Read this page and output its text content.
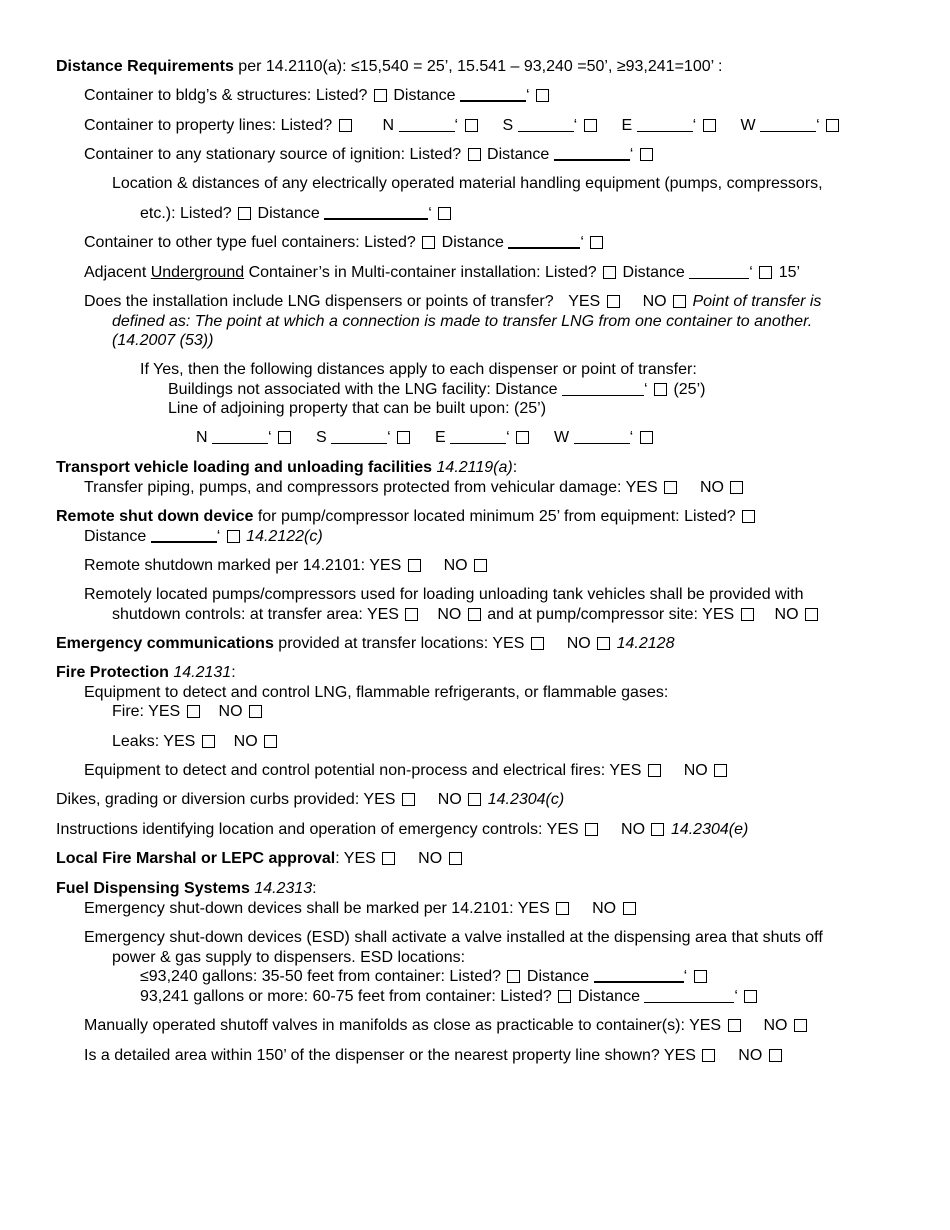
Distance Requirements per 14.2110(a): ≤15,540 = 25’, 15.541 – 93,240 =50’, ≥93,241=100’ :
Container to bldg’s & structures: Listed? Distance	‘
Container to property lines: Listed?	N	‘	S	‘	E	‘	W	‘
Container to any stationary source of ignition: Listed? Distance	‘
Location & distances of any electrically operated material handling equipment (pumps, compressors,
etc.): Listed? Distance	‘
Container to other type fuel containers: Listed? Distance	‘
Adjacent Underground Container’s in Multi-container installation: Listed? Distance	‘ 15’
Does the installation include LNG dispensers or points of transfer? YES	NO Point of transfer is
defined as: The point at which a connection is made to transfer LNG from one container to another.
(14.2007 (53))
If Yes, then the following distances apply to each dispenser or point of transfer:
Buildings not associated with the LNG facility: Distance	‘ (25’)
Line of adjoining property that can be built upon: (25’)
N	‘	S	‘	E	‘	W	‘
Transport vehicle loading and unloading facilities 14.2119(a):
Transfer piping, pumps, and compressors protected from vehicular damage: YES	NO
Remote shut down device for pump/compressor located minimum 25’ from equipment: Listed?
Distance	‘ 14.2122(c)
Remote shutdown marked per 14.2101: YES	NO
Remotely located pumps/compressors used for loading unloading tank vehicles shall be provided with
shutdown controls: at transfer area: YES NO and at pump/compressor site: YES	NO
Emergency communications provided at transfer locations: YES	NO 14.2128
Fire Protection 14.2131:
Equipment to detect and control LNG, flammable refrigerants, or flammable gases:
Fire: YES NO
Leaks: YES NO
Equipment to detect and control potential non-process and electrical fires: YES	NO
Dikes, grading or diversion curbs provided: YES	NO 14.2304(c)
Instructions identifying location and operation of emergency controls: YES	NO 14.2304(e)
Local Fire Marshal or LEPC approval: YES	NO
Fuel Dispensing Systems 14.2313:
Emergency shut-down devices shall be marked per 14.2101: YES	NO
Emergency shut-down devices (ESD) shall activate a valve installed at the dispensing area that shuts off
power & gas supply to dispensers. ESD locations:
≤93,240 gallons: 35-50 feet from container: Listed? Distance	‘
93,241 gallons or more: 60-75 feet from container: Listed? Distance	‘
Manually operated shutoff valves in manifolds as close as practicable to container(s): YES	NO
Is a detailed area within 150’ of the dispenser or the nearest property line shown? YES	NO
